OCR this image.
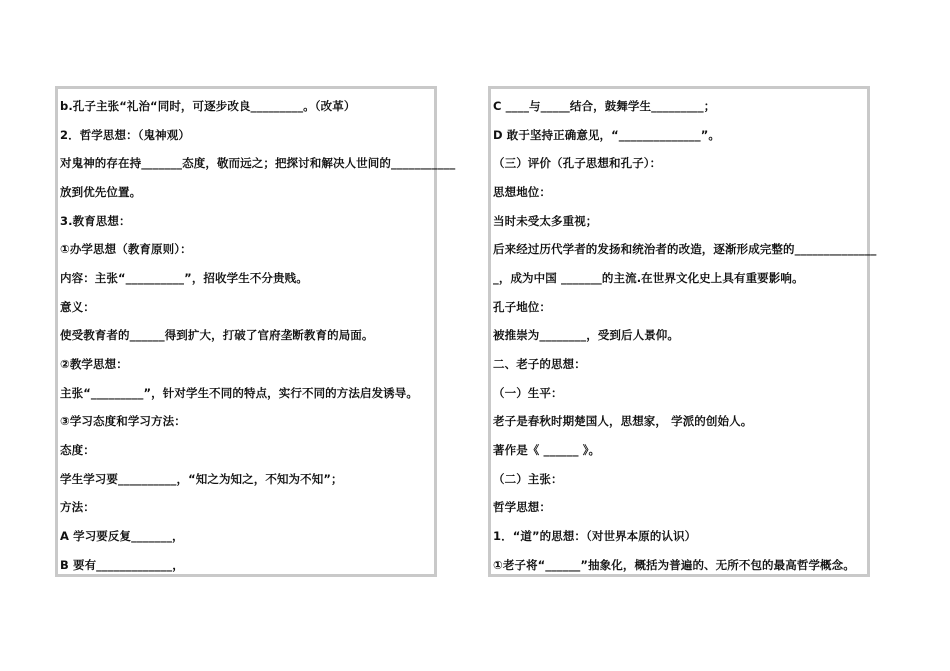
b.孔子主张“礼治“同时，可逐步改良_________。（改革）
2．哲学思想：（鬼神观）
对鬼神的存在持_______态度，敬而远之；把探讨和解决人世间的___________
放到优先位置。
3.教育思想：
①办学思想（教育原则）：
内容：主张“__________”，招收学生不分贵贱。
意义：
使受教育者的______得到扩大，打破了官府垄断教育的局面。
②教学思想：
主张“_________”，针对学生不同的特点，实行不同的方法启发诱导。
③学习态度和学习方法：
态度：
学生学习要__________，“知之为知之，不知为不知”；
方法：
A 学习要反复_______，
B 要有_____________，
C ____与_____结合，鼓舞学生_________；
D 敢于坚持正确意见，“______________”。
（三）评价（孔子思想和孔子）：
思想地位：
当时未受太多重视；
后来经过历代学者的发扬和统治者的改造，逐渐形成完整的______________
_，成为中国 _______的主流.在世界文化史上具有重要影响。
孔子地位：
被推崇为________，受到后人景仰。
二、老子的思想：
（一）生平：
老子是春秋时期楚国人，思想家， 学派的创始人。
著作是《 ______ 》。
（二）主张：
哲学思想：
1．“道”的思想：（对世界本原的认识）
①老子将“______”抽象化，概括为普遍的、无所不包的最高哲学概念。
